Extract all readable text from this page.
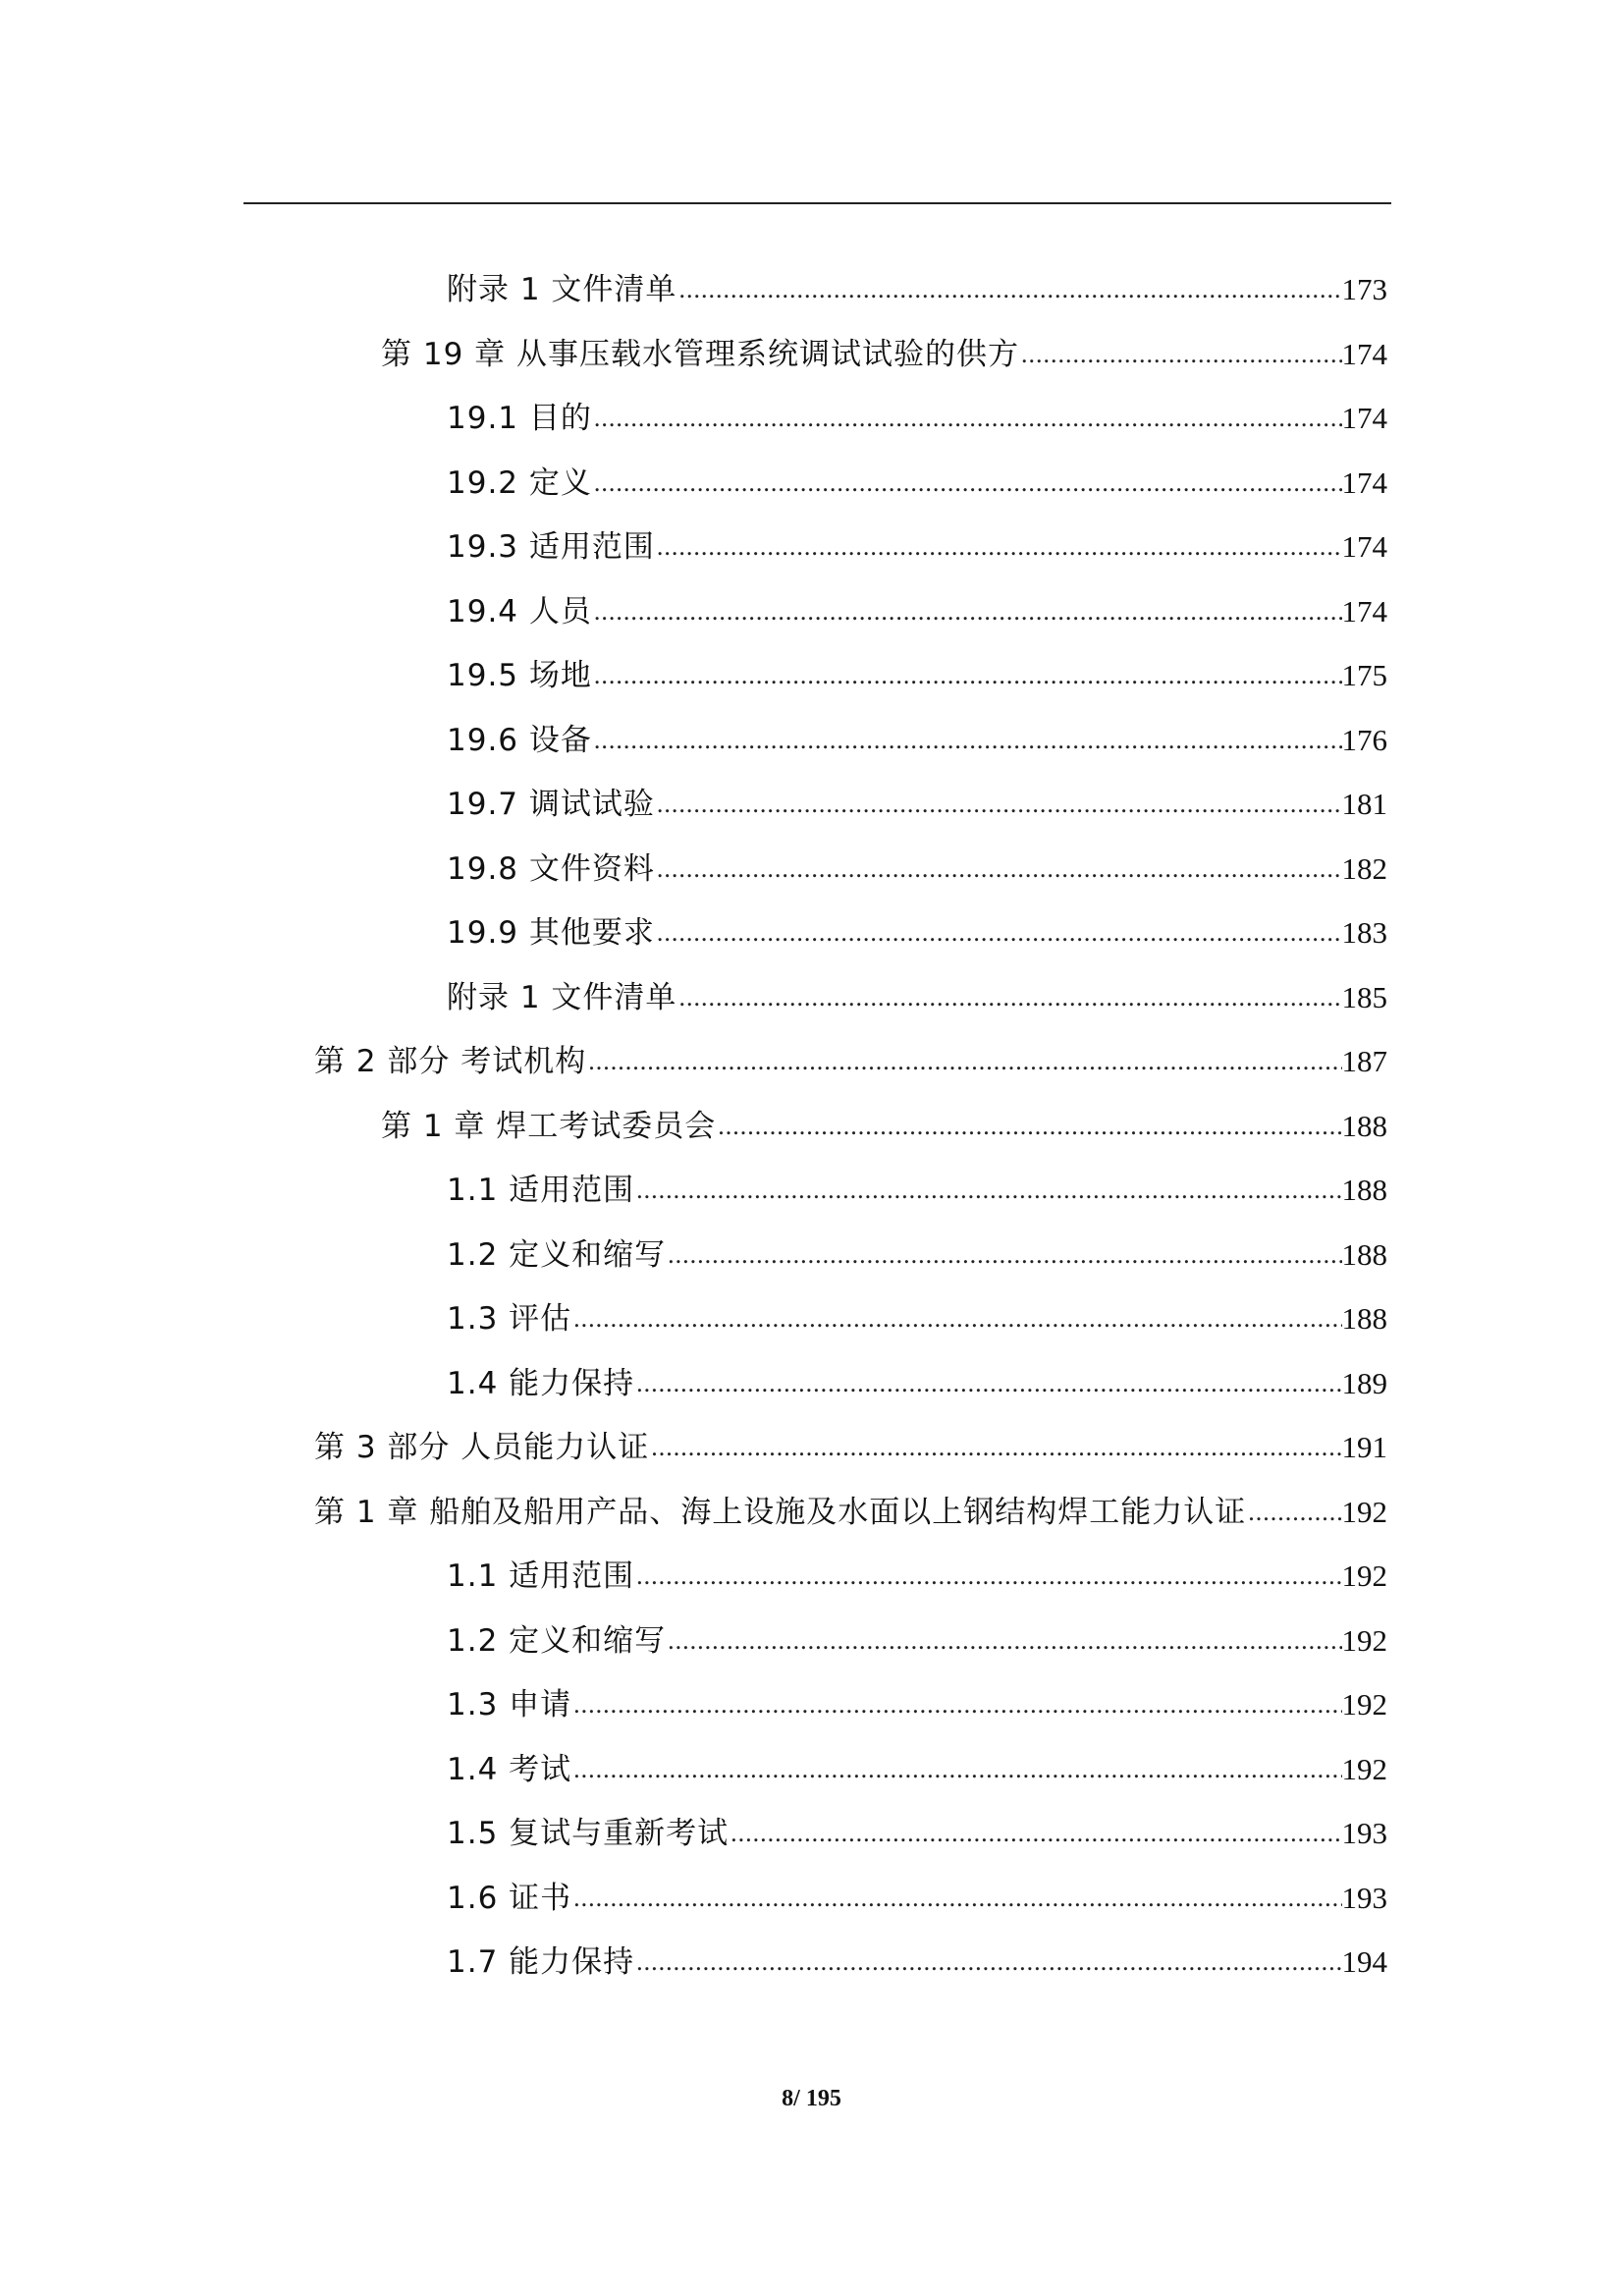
附录 1 文件清单 .....	173
第 19 章 从事压载水管理系统调试试验的供方 .....	174
19.1 目的 .....	174
19.2 定义 .....	174
19.3 适用范围 .....	174
19.4 人员 .....	174
19.5 场地 .....	175
19.6 设备 .....	176
19.7 调试试验 .....	181
19.8 文件资料 .....	182
19.9 其他要求 .....	183
附录 1 文件清单 .....	185
第 2 部分 考试机构 .....	187
第 1 章 焊工考试委员会 .....	188
1.1 适用范围 .....	188
1.2 定义和缩写 .....	188
1.3 评估 .....	188
1.4 能力保持 .....	189
第 3 部分 人员能力认证 .....	191
第 1 章 船舶及船用产品、海上设施及水面以上钢结构焊工能力认证 .....	192
1.1 适用范围 .....	192
1.2 定义和缩写 .....	192
1.3 申请 .....	192
1.4 考试 .....	192
1.5 复试与重新考试 .....	193
1.6 证书 .....	193
1.7 能力保持 .....	194
8/ 195
